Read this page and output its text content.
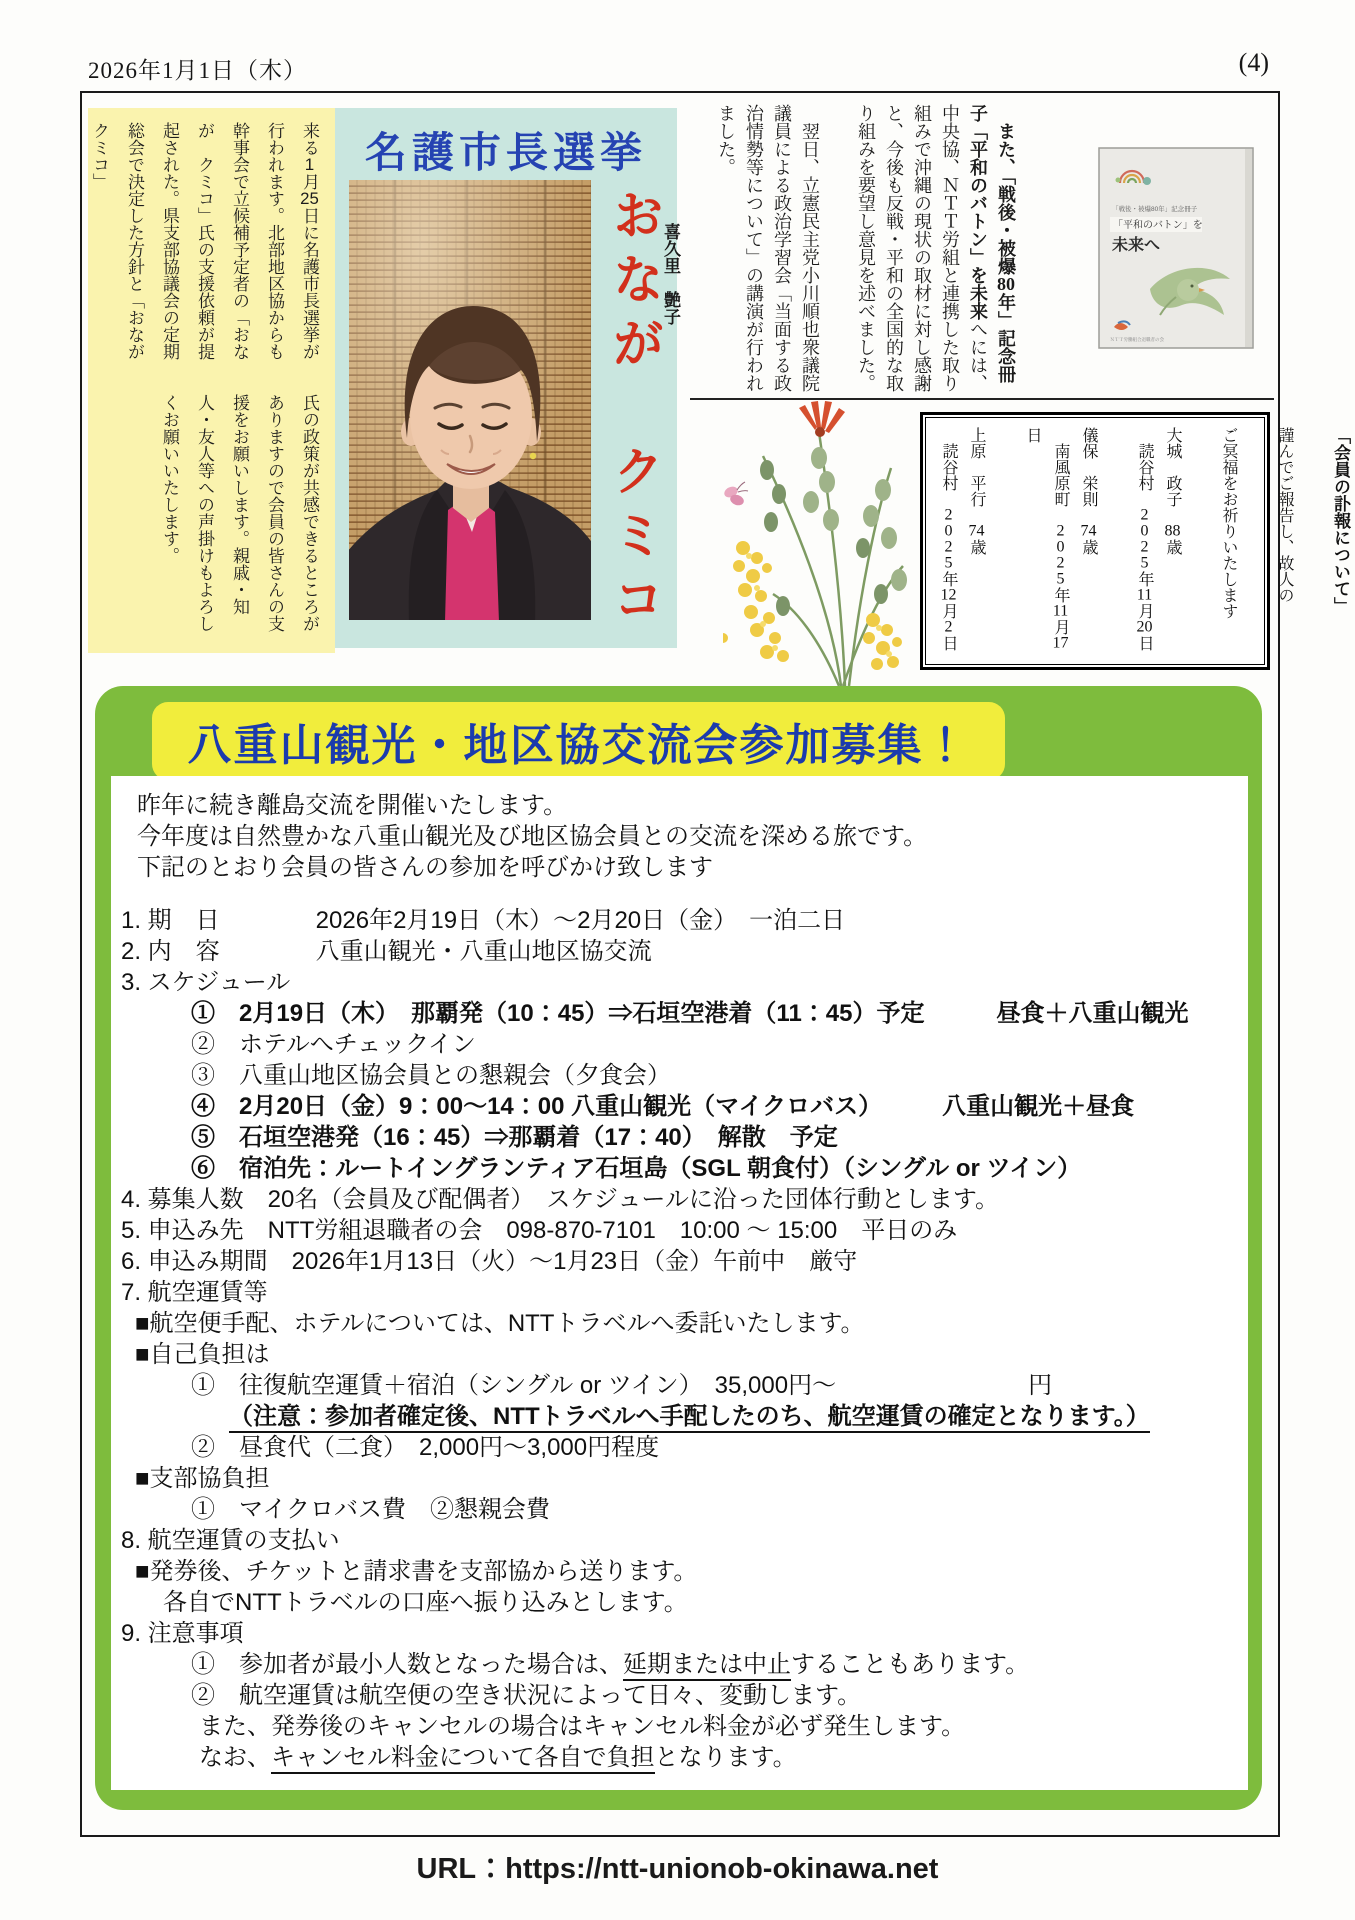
2026年1月1日（木）	(4)
来る1月25日に名護市長選挙が行われます。北部地区協からも幹事会で立候補予定者の「おなが　クミコ」氏の支援依頼が提起された。県支部協議会の定期総会で決定した方針と「おなが　クミコ」
氏の政策が共感できるところがありますので会員の皆さんの支援をお願いします。親戚・知人・友人等への声掛けもよろしくお願いいたします。
名護市長選挙
おなが　クミコ	　また、「戦後・被爆80年」記念冊子「平和のバトン」を未来へには、中央協、ＮＴＴ労組と連携した取り組みで沖縄の現状の取材に対し感謝と、今後も反戦・平和の全国的な取り組みを要望し意見を述べました。

　翌日、立憲民主党小川順也衆議院議員による政治学習会「当面する政治情勢等について」の講演が行われました。

　　　　　　　喜久里　艶子	「戦後・被爆80年」記念冊子
「平和のバトン」を
未来へ
ＮＴＴ労働組合退職者の会

「会員の訃報について」

謹んでご報告し、故人の

ご冥福をお祈りいたします

大城　政子　88歳
　読谷村　2025年11月20日

儀保　栄則　74歳
　南風原町　2025年11月17日

上原　平行　74歳
　読谷村　2025年12月2日

八重山観光・地区協交流会参加募集！
昨年に続き離島交流を開催いたします。
今年度は自然豊かな八重山観光及び地区協会員との交流を深める旅です。
下記のとおり会員の皆さんの参加を呼びかけ致します
1. 期　日　　　　2026年2月19日（木）～2月20日（金）　一泊二日
2. 内　容　　　　八重山観光・八重山地区協交流
3. スケジュール
①　2月19日（木）　那覇発（10：45）⇒石垣空港着（11：45）予定　　　昼食＋八重山観光
②　ホテルへチェックイン
③　八重山地区協会員との懇親会（夕食会）
④　2月20日（金）9：00～14：00 八重山観光（マイクロバス）　　　八重山観光＋昼食
⑤　石垣空港発（16：45）⇒那覇着（17：40）　解散　予定
⑥　宿泊先：ルートイングランティア石垣島（SGL 朝食付）（シングル or ツイン）
4. 募集人数　20名（会員及び配偶者）　スケジュールに沿った団体行動とします。
5. 申込み先　NTT労組退職者の会　098-870-7101　10:00 ～ 15:00　平日のみ
6. 申込み期間　2026年1月13日（火）～1月23日（金）午前中　厳守
7. 航空運賃等
■航空便手配、ホテルについては、NTTトラベルへ委託いたします。
■自己負担は
①　往復航空運賃＋宿泊（シングル or ツイン）　35,000円～　　　　　　　　円
（注意：参加者確定後、NTTトラベルへ手配したのち、航空運賃の確定となります。）
②　昼食代（二食）　2,000円～3,000円程度
■支部協負担
①　マイクロバス費　②懇親会費
8. 航空運賃の支払い
■発券後、チケットと請求書を支部協から送ります。
各自でNTTトラベルの口座へ振り込みとします。
9. 注意事項
①　参加者が最小人数となった場合は、延期または中止することもあります。
②　航空運賃は航空便の空き状況によって日々、変動します。
また、発券後のキャンセルの場合はキャンセル料金が必ず発生します。
なお、キャンセル料金について各自で負担となります。
URL：https://ntt-unionob-okinawa.net
